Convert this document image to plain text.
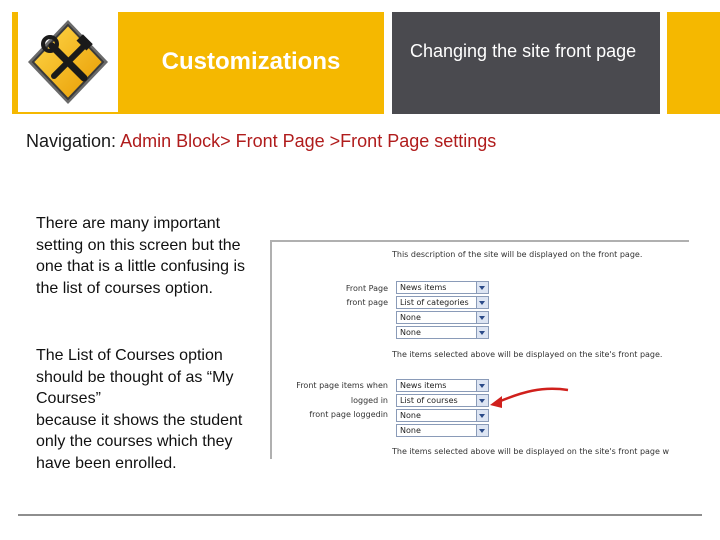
Customizations	Changing the site front page
Navigation: Admin Block> Front Page >Front Page settings
There are many important setting on this screen but the one that is a little confusing is the list of courses option.
The List of Courses option should be thought of as “My Courses”
because it shows the student only the courses which they have been enrolled.
This description of the site will be displayed on the front page.
Front Page
front page
News items
List of categories
None
None
The items selected above will be displayed on the site's front page.
Front page items when
logged in
front page loggedin
News items
List of courses
None
None
The items selected above will be displayed on the site's front page w
